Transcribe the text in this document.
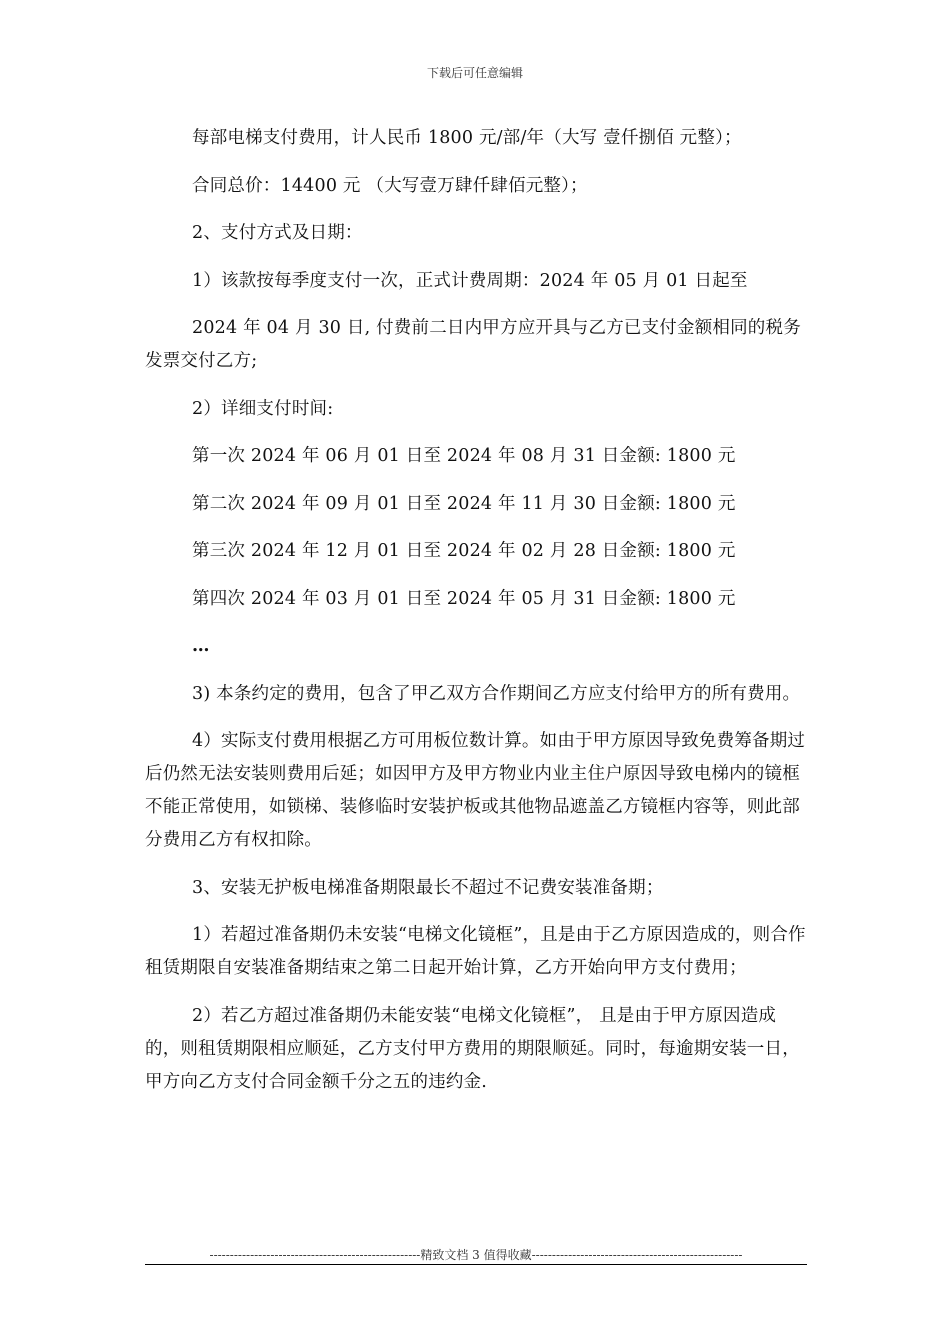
下载后可任意编辑

每部电梯支付费用，计人民币 1800 元/部/年（大写 壹仟捌佰 元整）；

合同总价：14400 元 （大写壹万肆仟肆佰元整）；

2、支付方式及日期：

1）该款按每季度支付一次，正式计费周期：2024 年 05 月 01 日起至

2024 年 04 月 30 日, 付费前二日内甲方应开具与乙方已支付金额相同的税务发票交付乙方;

2）详细支付时间:

第一次 2024 年 06 月 01 日至 2024 年 08 月 31 日金额: 1800 元

第二次 2024 年 09 月 01 日至 2024 年 11 月 30 日金额: 1800 元

第三次 2024 年 12 月 01 日至 2024 年 02 月 28 日金额: 1800 元

第四次 2024 年 03 月 01 日至 2024 年 05 月 31 日金额: 1800 元

…

3) 本条约定的费用，包含了甲乙双方合作期间乙方应支付给甲方的所有费用。

4）实际支付费用根据乙方可用板位数计算。如由于甲方原因导致免费筹备期过后仍然无法安装则费用后延；如因甲方及甲方物业内业主住户原因导致电梯内的镜框不能正常使用，如锁梯、装修临时安装护板或其他物品遮盖乙方镜框内容等，则此部分费用乙方有权扣除。

3、安装无护板电梯准备期限最长不超过不记费安装准备期；

1）若超过准备期仍未安装“电梯文化镜框”，且是由于乙方原因造成的，则合作租赁期限自安装准备期结束之第二日起开始计算，乙方开始向甲方支付费用；

2）若乙方超过准备期仍未能安装“电梯文化镜框”， 且是由于甲方原因造成的，则租赁期限相应顺延，乙方支付甲方费用的期限顺延。同时，每逾期安装一日，甲方向乙方支付合同金额千分之五的违约金.

----------------------------------------------------精致文档 3 值得收藏----------------------------------------------------
